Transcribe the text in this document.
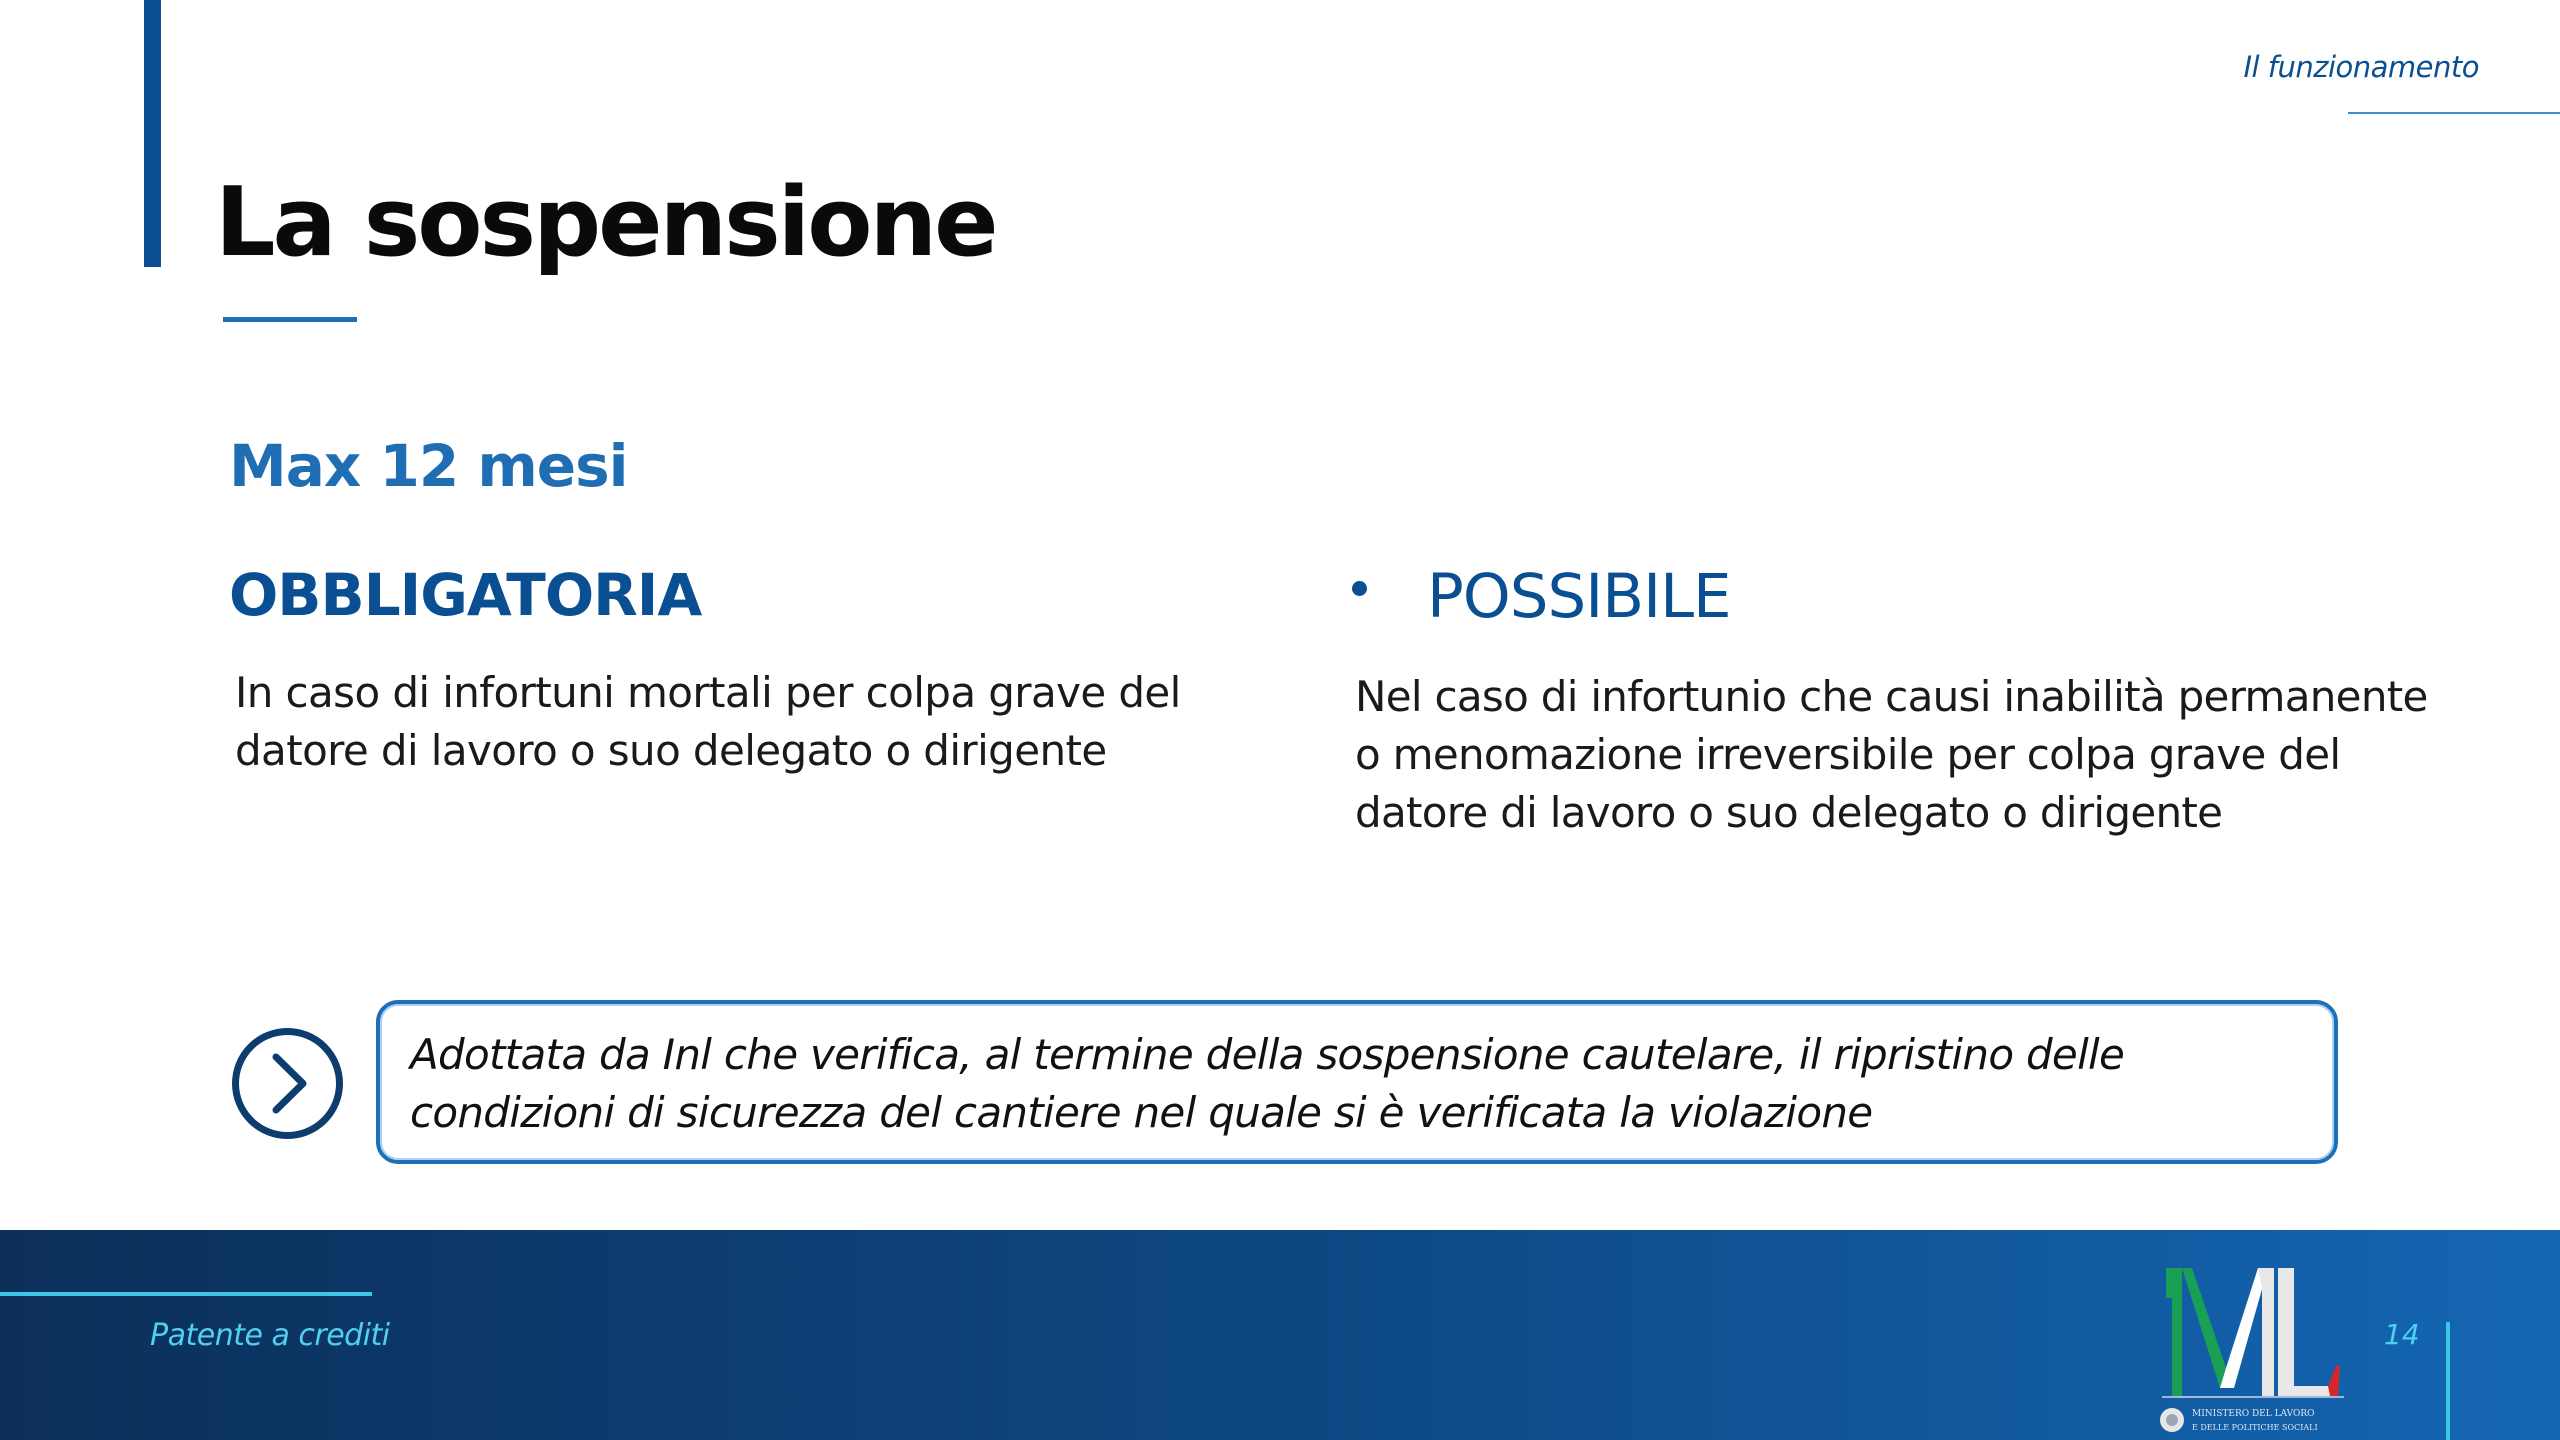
Il funzionamento
La sospensione
Max 12 mesi
OBBLIGATORIA
In caso di infortuni mortali per colpa grave del datore di lavoro o suo delegato o dirigente
POSSIBILE
Nel caso di infortunio che causi inabilità permanente o menomazione irreversibile per colpa grave del datore di lavoro o suo delegato o dirigente
Adottata da Inl che verifica, al termine della sospensione cautelare, il ripristino delle condizioni di sicurezza del cantiere nel quale si è verificata la violazione
Patente a crediti
MINISTERO DEL LAVORO
E DELLE POLITICHE SOCIALI
14
